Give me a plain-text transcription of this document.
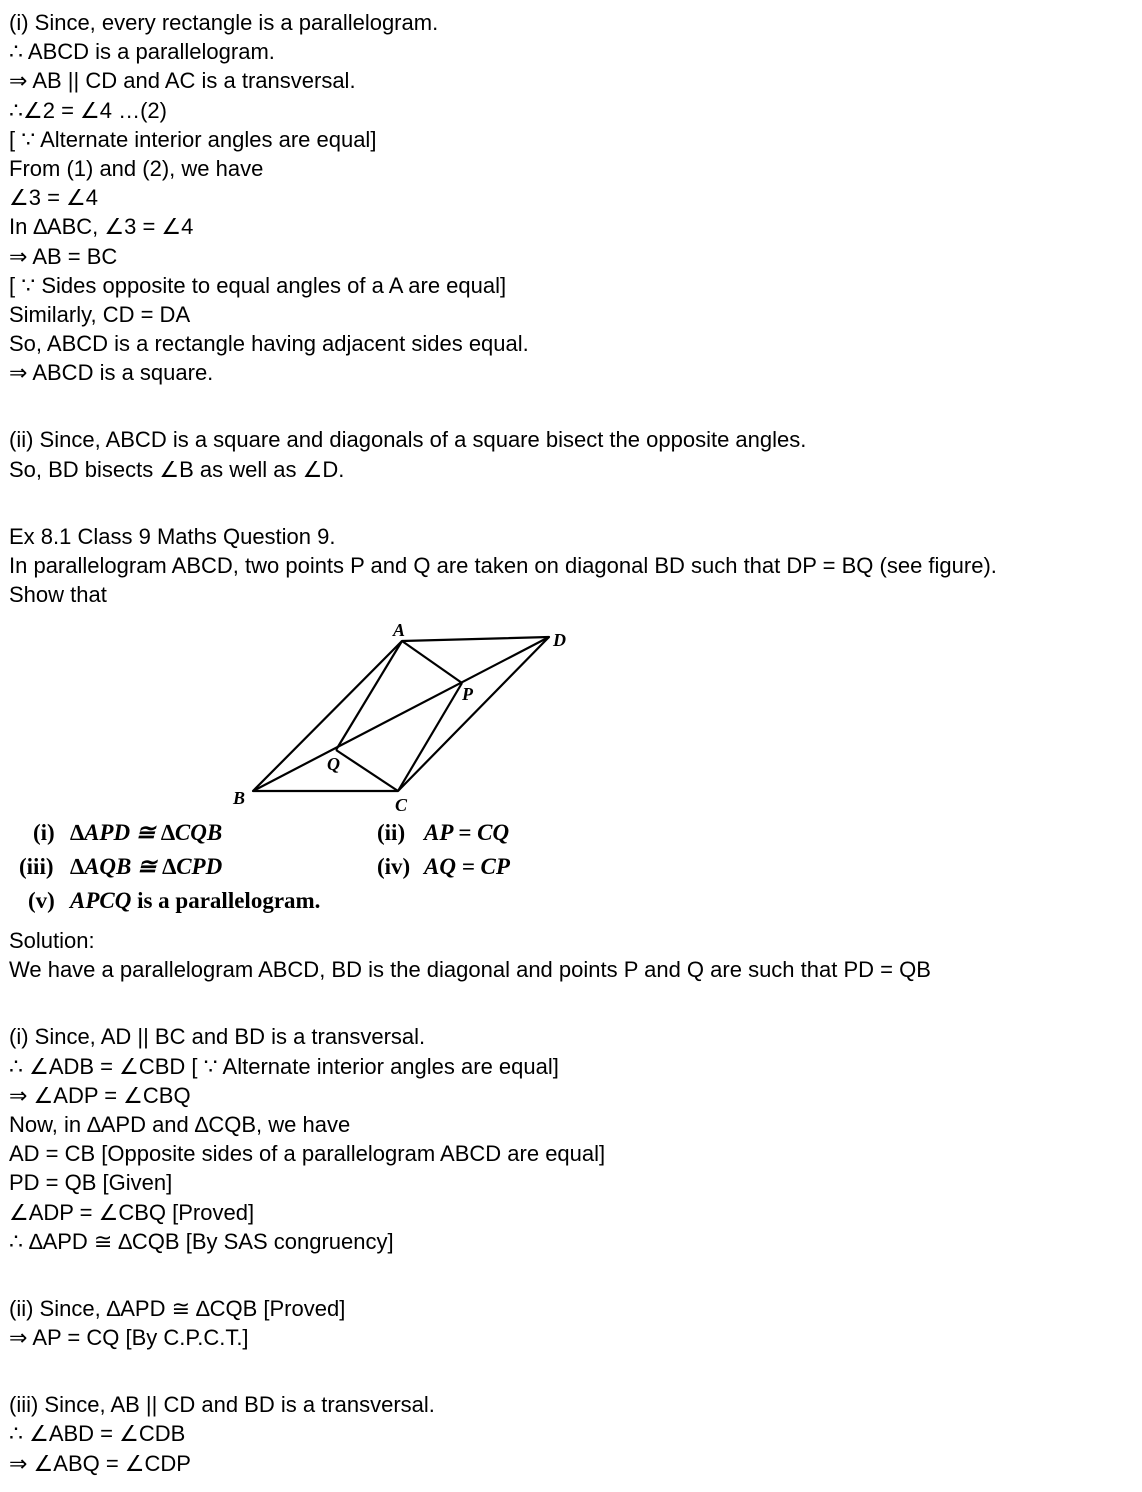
(i) Since, every rectangle is a parallelogram.
∴ ABCD is a parallelogram.
⇒ AB || CD and AC is a transversal.
∴∠2 = ∠4 …(2)
[ ∵ Alternate interior angles are equal]
From (1) and (2), we have
∠3 = ∠4
In ∆ABC, ∠3 = ∠4
⇒ AB = BC
[ ∵ Sides opposite to equal angles of a A are equal]
Similarly, CD = DA
So, ABCD is a rectangle having adjacent sides equal.
⇒ ABCD is a square.
(ii) Since, ABCD is a square and diagonals of a square bisect the opposite angles.
So, BD bisects ∠B as well as ∠D.
Ex 8.1 Class 9 Maths Question 9.
In parallelogram ABCD, two points P and Q are taken on diagonal BD such that DP = BQ (see figure).
Show that
A	D
P
Q
B	C
(i) ∆APD ≅ ∆CQB	(ii) AP = CQ
(iii) ∆AQB ≅ ∆CPD	(iv) AQ = CP
(v) APCQ is a parallelogram.
Solution:
We have a parallelogram ABCD, BD is the diagonal and points P and Q are such that PD = QB
(i) Since, AD || BC and BD is a transversal.
∴ ∠ADB = ∠CBD [ ∵ Alternate interior angles are equal]
⇒ ∠ADP = ∠CBQ
Now, in ∆APD and ∆CQB, we have
AD = CB [Opposite sides of a parallelogram ABCD are equal]
PD = QB [Given]
∠ADP = ∠CBQ [Proved]
∴ ∆APD ≅ ∆CQB [By SAS congruency]
(ii) Since, ∆APD ≅ ∆CQB [Proved]
⇒ AP = CQ [By C.P.C.T.]
(iii) Since, AB || CD and BD is a transversal.
∴ ∠ABD = ∠CDB
⇒ ∠ABQ = ∠CDP
